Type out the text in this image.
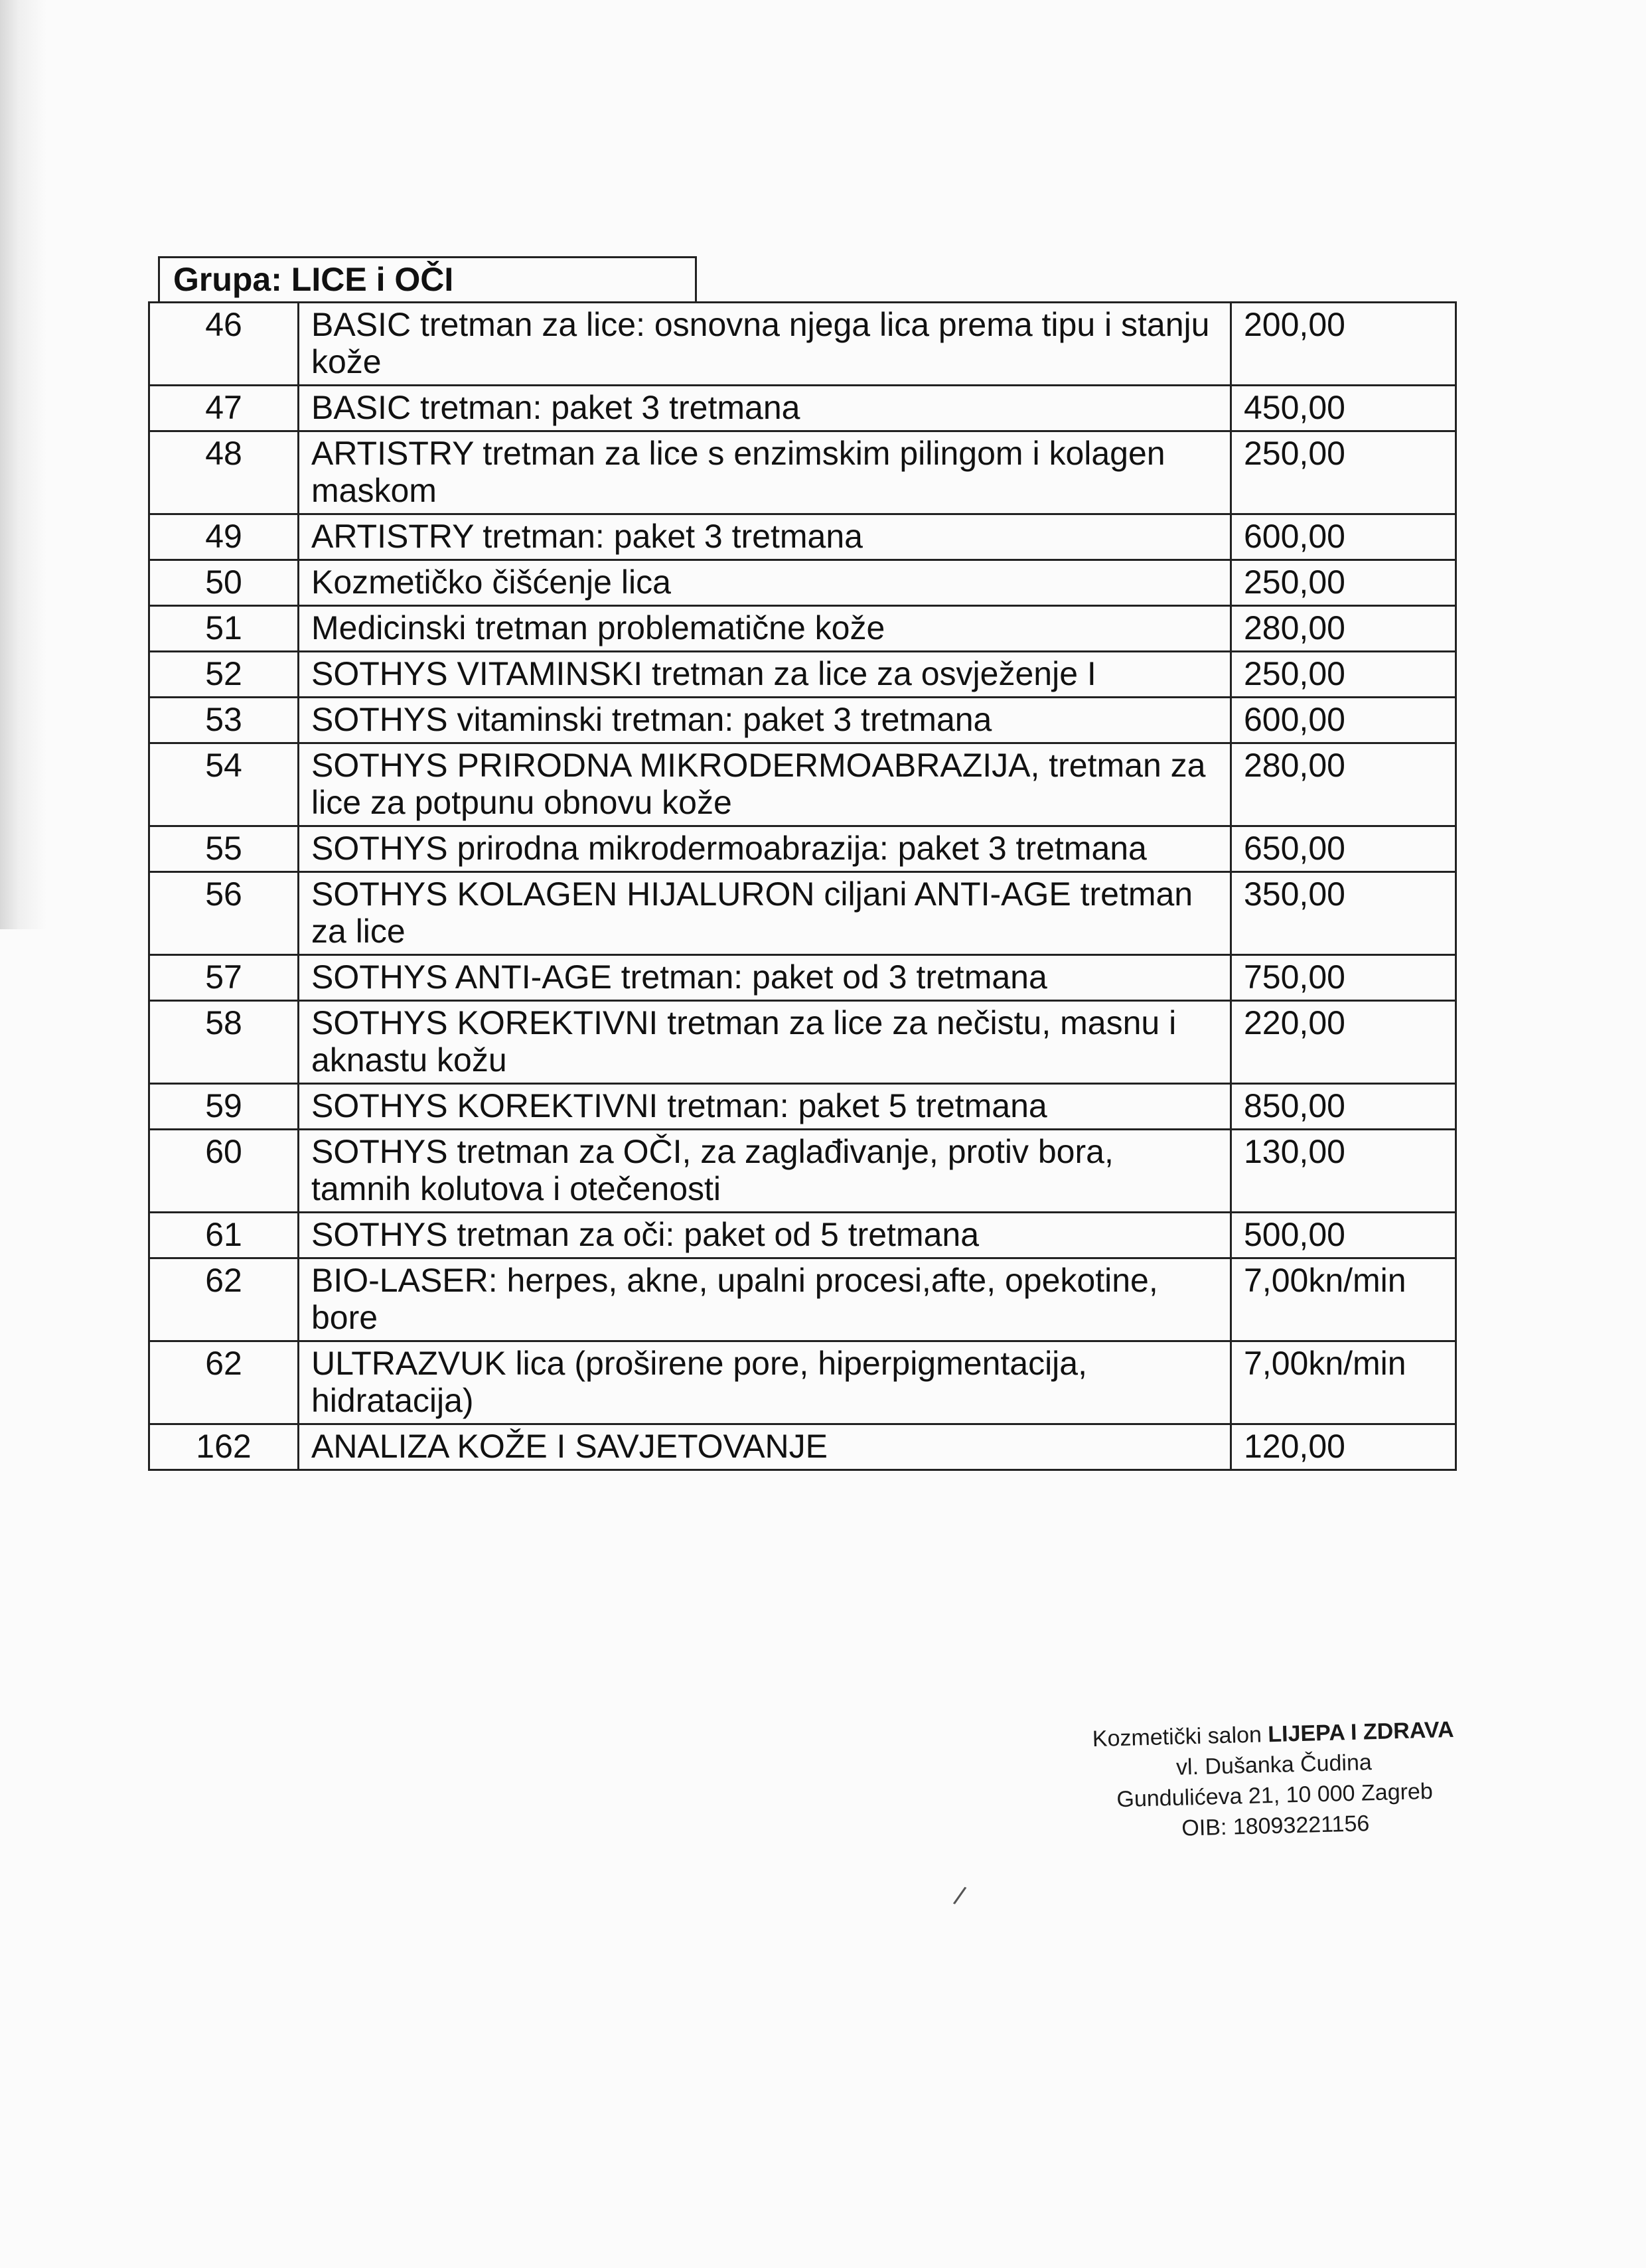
Grupa: LICE i OČI
46	BASIC tretman za lice: osnovna njega lica prema tipu i stanju kože	200,00
47	BASIC tretman: paket 3 tretmana	450,00
48	ARTISTRY tretman za lice s enzimskim pilingom i kolagen maskom	250,00
49	ARTISTRY tretman: paket 3 tretmana	600,00
50	Kozmetičko čišćenje lica	250,00
51	Medicinski tretman problematične kože	280,00
52	SOTHYS VITAMINSKI tretman za lice za osvježenje I	250,00
53	SOTHYS vitaminski tretman: paket 3 tretmana	600,00
54	SOTHYS PRIRODNA MIKRODERMOABRAZIJA, tretman za lice za potpunu obnovu kože	280,00
55	SOTHYS prirodna mikrodermoabrazija: paket 3 tretmana	650,00
56	SOTHYS KOLAGEN HIJALURON ciljani ANTI-AGE tretman za lice	350,00
57	SOTHYS ANTI-AGE tretman: paket od 3 tretmana	750,00
58	SOTHYS KOREKTIVNI tretman za lice za nečistu, masnu i aknastu kožu	220,00
59	SOTHYS KOREKTIVNI tretman: paket 5 tretmana	850,00
60	SOTHYS tretman za OČI, za zaglađivanje, protiv bora, tamnih kolutova i otečenosti	130,00
61	SOTHYS tretman za oči: paket od 5 tretmana	500,00
62	BIO-LASER: herpes, akne, upalni procesi,afte, opekotine, bore	7,00kn/min
62	ULTRAZVUK lica (proširene pore, hiperpigmentacija, hidratacija)	7,00kn/min
162	ANALIZA KOŽE I SAVJETOVANJE	120,00
Kozmetički salon LIJEPA I ZDRAVA
vl. Dušanka Čudina
Gundulićeva 21, 10 000 Zagreb
OIB: 18093221156
/
